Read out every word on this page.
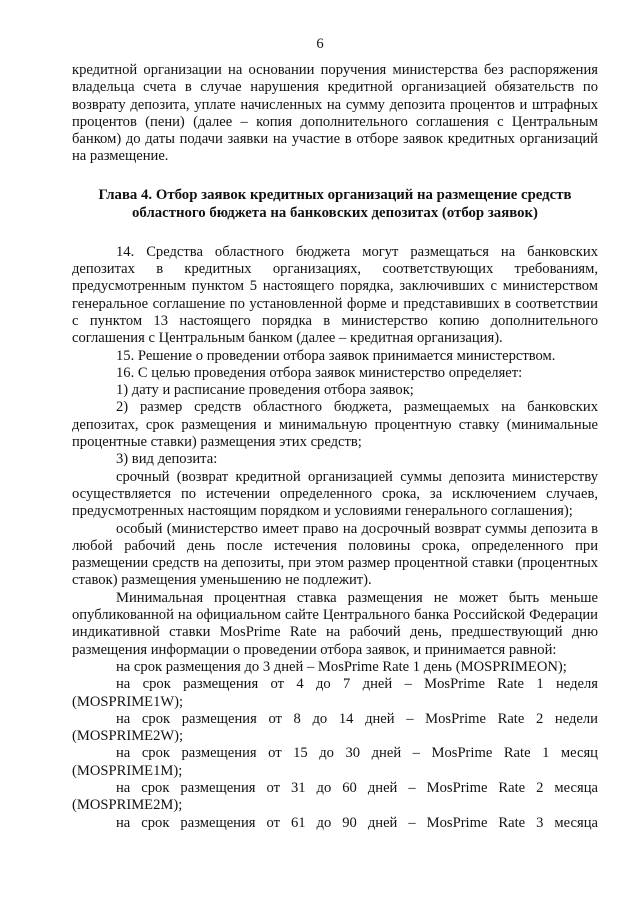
6

кредитной организации на основании поручения министерства без распоряжения владельца счета в случае нарушения кредитной организацией обязательств по возврату депозита, уплате начисленных на сумму депозита процентов и штрафных процентов (пени) (далее – копия дополнительного соглашения с Центральным банком) до даты подачи заявки на участие в отборе заявок кредитных организаций на размещение.

Глава 4. Отбор заявок кредитных организаций на размещение средств областного бюджета на банковских депозитах (отбор заявок)

14. Средства областного бюджета могут размещаться на банковских депозитах в кредитных организациях, соответствующих требованиям, предусмотренным пунктом 5 настоящего порядка, заключивших с министерством генеральное соглашение по установленной форме и представивших в соответствии с пунктом 13 настоящего порядка в министерство копию дополнительного соглашения с Центральным банком (далее – кредитная организация).

15. Решение о проведении отбора заявок принимается министерством.

16. С целью проведения отбора заявок министерство определяет:

1) дату и расписание проведения отбора заявок;

2) размер средств областного бюджета, размещаемых на банковских депозитах, срок размещения и минимальную процентную ставку (минимальные процентные ставки) размещения этих средств;

3) вид депозита:

срочный (возврат кредитной организацией суммы депозита министерству осуществляется по истечении определенного срока, за исключением случаев, предусмотренных настоящим порядком и условиями генерального соглашения);

особый (министерство имеет право на досрочный возврат суммы депозита в любой рабочий день после истечения половины срока, определенного при размещении средств на депозиты, при этом размер процентной ставки (процентных ставок) размещения уменьшению не подлежит).

Минимальная процентная ставка размещения не может быть меньше опубликованной на официальном сайте Центрального банка Российской Федерации индикативной ставки MosPrime Rate на рабочий день, предшествующий дню размещения информации о проведении отбора заявок, и принимается равной:

на срок размещения до 3 дней – MosPrime Rate 1 день (MOSPRIMEON);

на срок размещения от 4 до 7 дней – MosPrime Rate 1 неделя (MOSPRIME1W);

на срок размещения от 8 до 14 дней – MosPrime Rate 2 недели (MOSPRIME2W);

на срок размещения от 15 до 30 дней – MosPrime Rate 1 месяц (MOSPRIME1M);

на срок размещения от 31 до 60 дней – MosPrime Rate 2 месяца (MOSPRIME2M);

на срок размещения от 61 до 90 дней – MosPrime Rate 3 месяца
